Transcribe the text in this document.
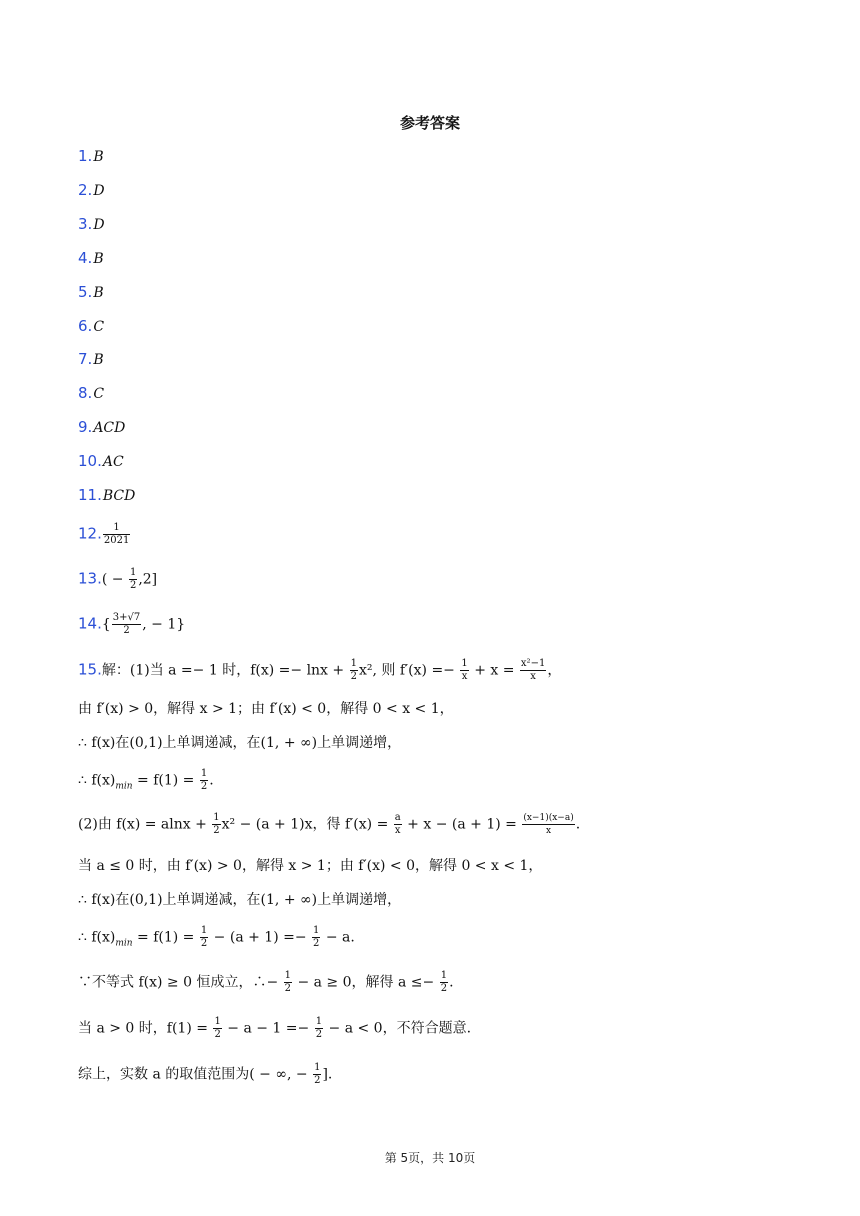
参考答案
1.B
2.D
3.D
4.B
5.B
6.C
7.B
8.C
9.ACD
10.AC
11.BCD
12. $\frac{1}{2021}$
$13.( - \frac{1}{2} ,2]$
$14.\{ \frac{3+√7}{2}$ , − 1}
15.解：(1)当 a =− 1 时，$f(x) =- \ln x + \frac{1}{2} x^2$, 则 $f'(x) =- \frac{1}{x} + x = \frac{\text{x²−1}}{x}$ ，
由 f′(x) > 0，解得 x > 1；由 f′(x) < 0，解得 0 < x < 1，
∴ f(x)在(0,1)上单调递减，在(1, + ∞)上单调递增，
∴ $f(x)_{min} = f(1) = \frac{1}{2}$ .
(2)由 $f(x) = alnx + \frac{1}{2} x^2 - (a + 1)x$，得 $f'(x) = \frac{a}{x} + x - (a + 1) = \frac{(x-1)(x-a)}{x}$ .
当 a ≤ 0 时，由 f′(x) > 0，解得 x > 1；由 f′(x) < 0，解得 0 < x < 1，
∴ f(x)在(0,1)上单调递减，在(1, + ∞)上单调递增，
∴ $f(x)_{min} = f(1) = \frac{1}{2} - (a + 1) =- \frac{1}{2} - a$.
∵不等式 f(x) ≥ 0 恒成立，∴− $\frac{1}{2} - a \ge 0$，解得 $a \le- \frac{1}{2}$ .
当 a > 0 时，$f(1) = \frac{1}{2} - a - 1 =- \frac{1}{2} - a < 0$，不符合题意.
综上，实数 a 的取值范围为( − ∞, − $\frac{1}{2}$ ].
第 5页，共 10页
